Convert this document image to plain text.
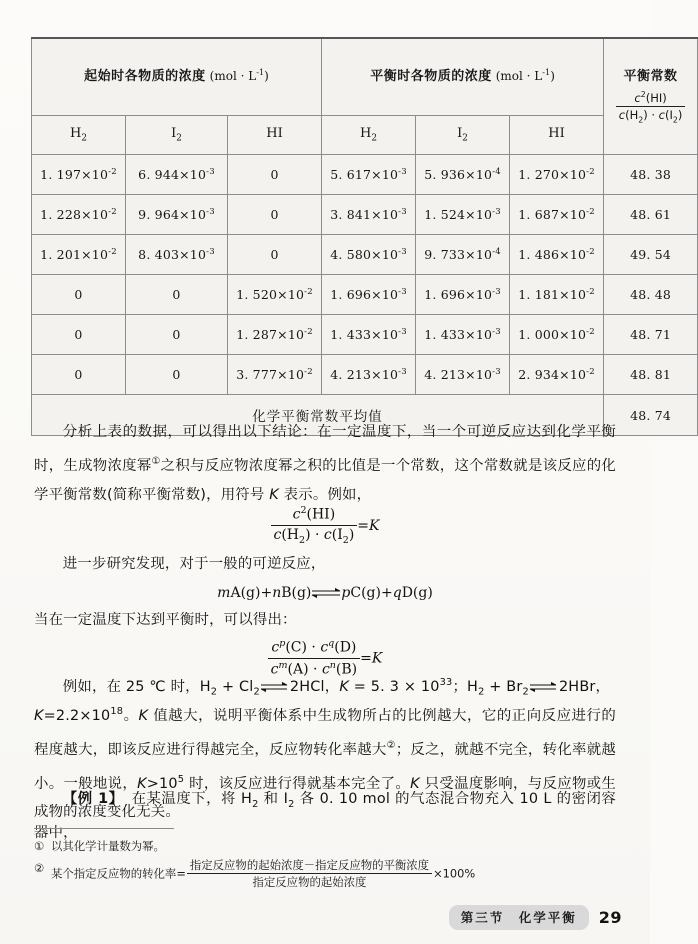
起始时各物质的浓度 $(mol \cdot L^{-1})$			平衡时各物质的浓度 $(mol \cdot L^{-1})$			平衡常数
$\frac{c^2(HI)}{c(H_2) \cdot c(I_2)}$

$H_2$	$I_2$	HI	$H_2$	$I_2$	HI	
1. $197\times 10^{-2}$	6. $944\times 10^{-3}$	0	5. $617\times 10^{-3}$	5. $936\times 10^{-4}$	1. $270\times 10^{-2}$	48. 38
1. $228\times 10^{-2}$	9. $964\times 10^{-3}$	0	3. $841\times 10^{-3}$	1. $524\times 10^{-3}$	1. $687\times 10^{-2}$	48. 61
1. $201\times 10^{-2}$	8. $403\times 10^{-3}$	0	4. $580\times 10^{-3}$	9. $733\times 10^{-4}$	1. $486\times 10^{-2}$	49. 54
0	0	1. $520\times 10^{-2}$	1. $696\times 10^{-3}$	1. $696\times 10^{-3}$	1. $181\times 10^{-2}$	48. 48
0	0	1. $287\times 10^{-2}$	1. $433\times 10^{-3}$	1. $433\times 10^{-3}$	1. $000\times 10^{-2}$	48. 71
0	0	3. $777\times 10^{-2}$	4. $213\times 10^{-3}$	4. $213\times 10^{-3}$	2. $934\times 10^{-2}$	48. 81
化学平衡常数平均值						48. 74
分析上表的数据，可以得出以下结论：在一定温度下，当一个可逆反应达到化学平衡时，生成物浓度幂①之积与反应物浓度幂之积的比值是一个常数，这个常数就是该反应的化学平衡常数(简称平衡常数)，用符号 K 表示。例如，
$\frac{c^2(HI)}{c(H_2) \cdot c(I_2)} =K$
进一步研究发现，对于一般的可逆反应，
mA(g)+nB(g)⇌pC(g)+qD(g)
当在一定温度下达到平衡时，可以得出：
$\frac{c^p(C) \cdot c^q(D)}{c^m(A) \cdot c^n(B)} =K$
例如，在 25 ℃ 时，$H_2$ + $Cl_2\rightleftharpoons 2HCl$，K = 5. $3 \times 10^{33}$；$H_2$ + $Br_2\rightleftharpoons 2HBr$，
$K=2.2\times 10^{18}$。K 值越大，说明平衡体系中生成物所占的比例越大，它的正向反应进行的程度越大，即该反应进行得越完全，反应物转化率越大②；反之，就越不完全，转化率就越小。一般地说，$K>10^5$ 时，该反应进行得就基本完全了。K 只受温度影响，与反应物或生成物的浓度变化无关。
【例 1】 在某温度下，将 $H_2$ 和 $I_2$ 各 0. 10 mol 的气态混合物充入 10 L 的密闭容器中，
① 以其化学计量数为幂。
② 某个指定反应物的转化率= $\frac{\text{指定反应物的起始浓度－指定反应物的平衡浓度}}{\text{指定反应物的起始浓度}} \times 100\%$
第三节　化学平衡	29
